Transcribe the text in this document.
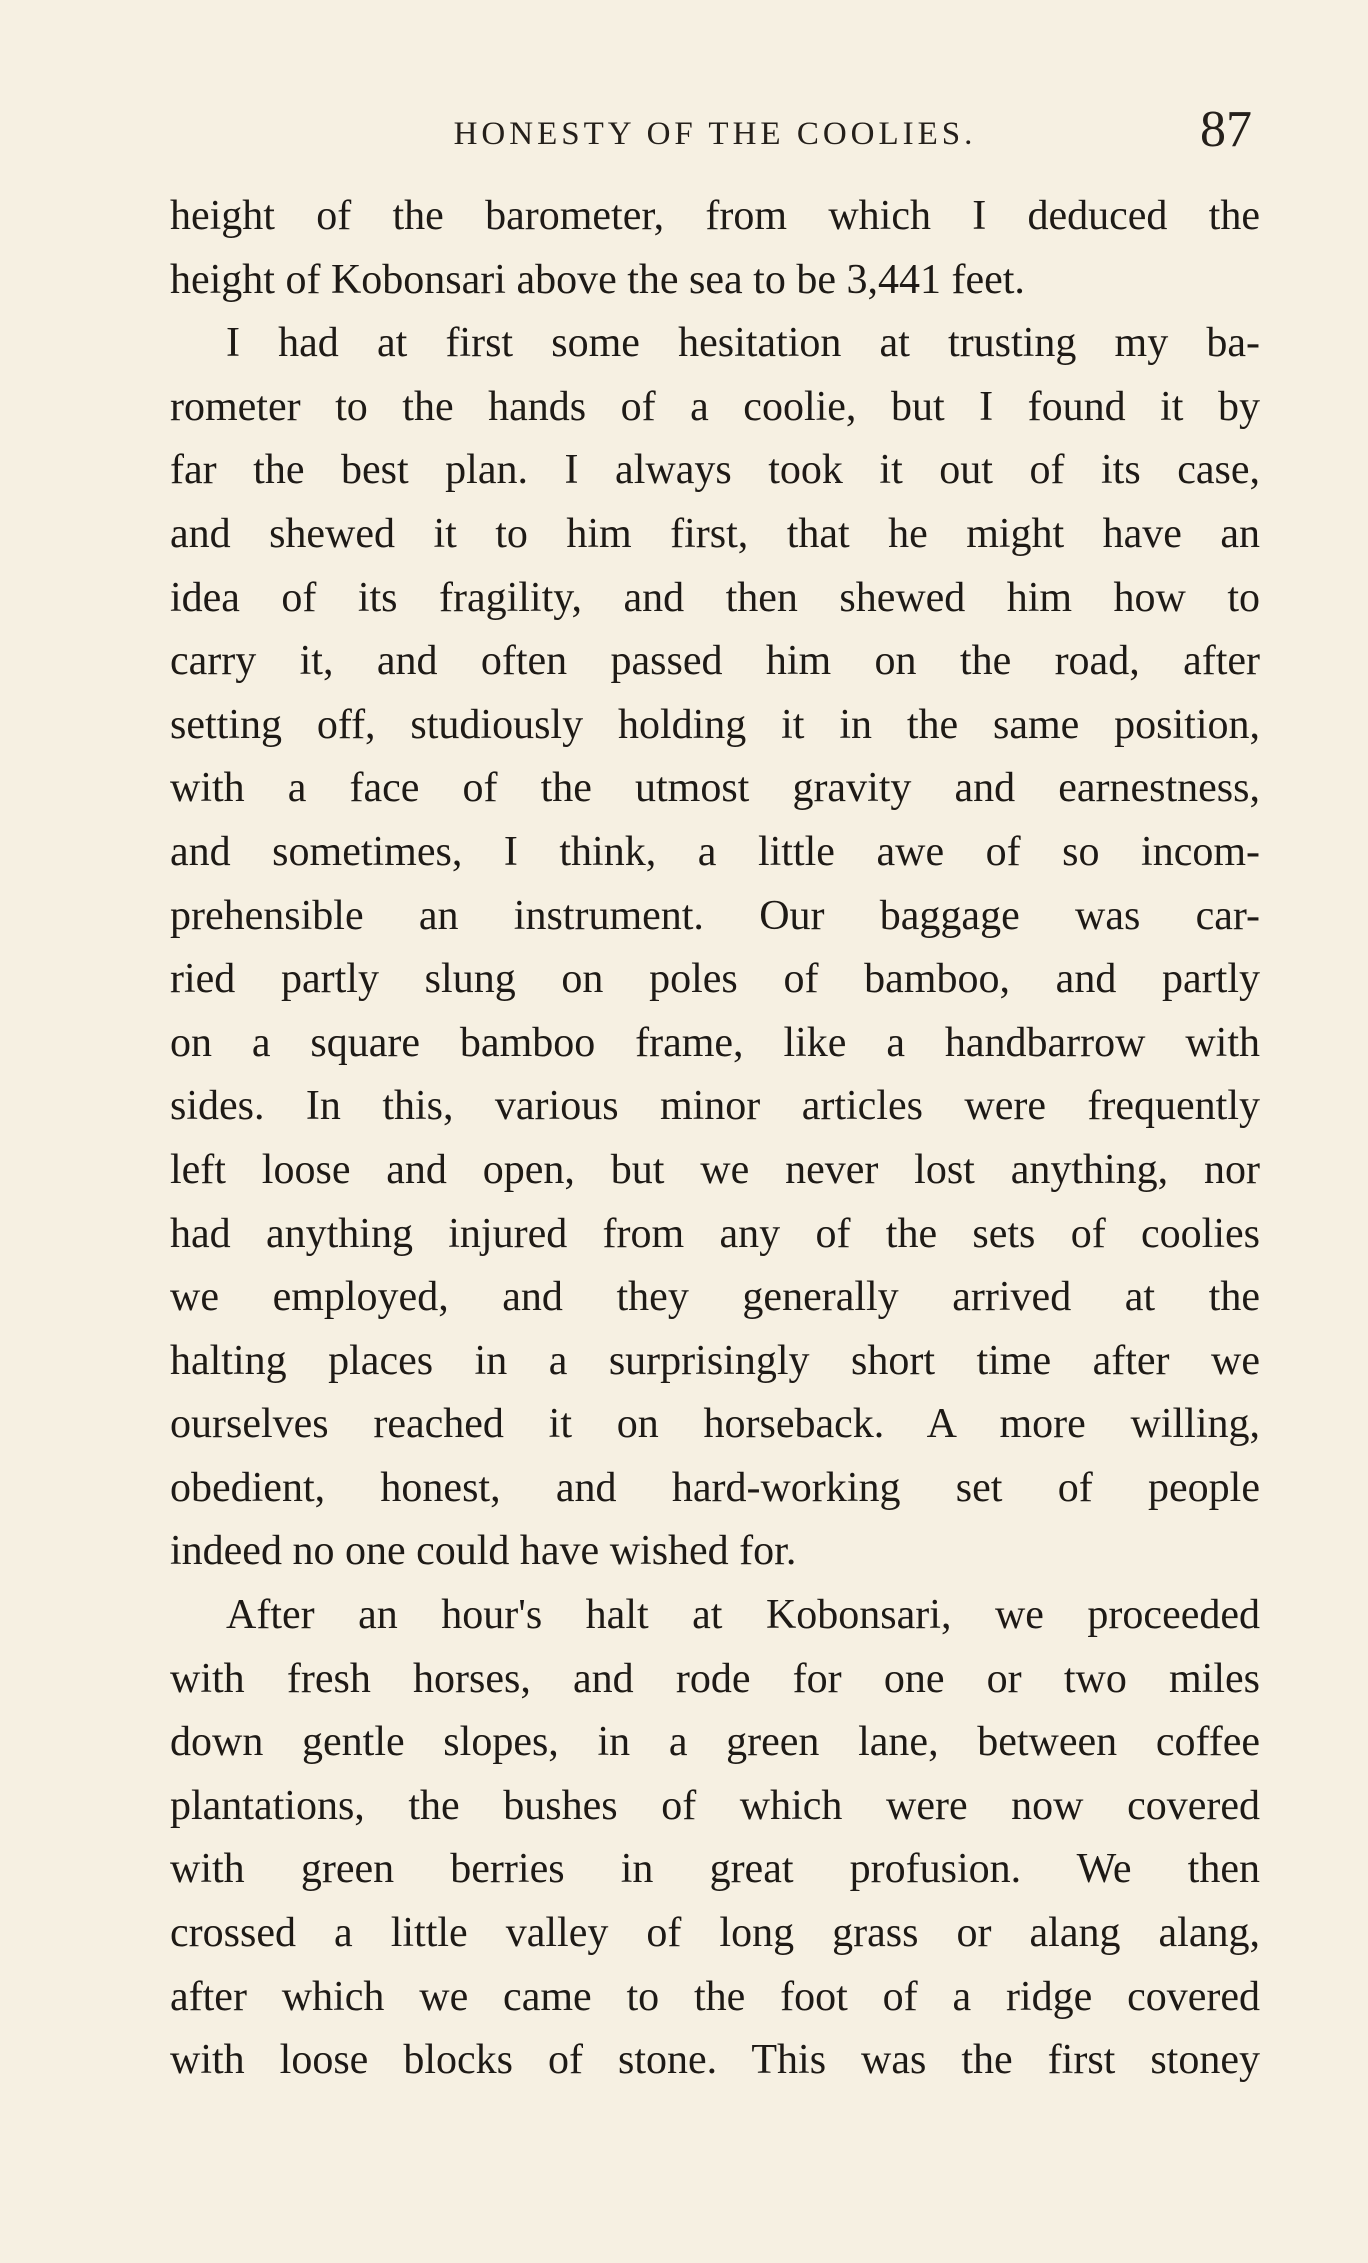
HONESTY OF THE COOLIES.	87
height of the barometer, from which I deduced the
height of Kobonsari above the sea to be 3,441 feet.
I had at first some hesitation at trusting my ba-
rometer to the hands of a coolie, but I found it by
far the best plan. I always took it out of its case,
and shewed it to him first, that he might have an
idea of its fragility, and then shewed him how to
carry it, and often passed him on the road, after
setting off, studiously holding it in the same position,
with a face of the utmost gravity and earnestness,
and sometimes, I think, a little awe of so incom-
prehensible an instrument. Our baggage was car-
ried partly slung on poles of bamboo, and partly
on a square bamboo frame, like a handbarrow with
sides. In this, various minor articles were frequently
left loose and open, but we never lost anything, nor
had anything injured from any of the sets of coolies
we employed, and they generally arrived at the
halting places in a surprisingly short time after we
ourselves reached it on horseback. A more willing,
obedient, honest, and hard-working set of people
indeed no one could have wished for.
After an hour's halt at Kobonsari, we proceeded
with fresh horses, and rode for one or two miles
down gentle slopes, in a green lane, between coffee
plantations, the bushes of which were now covered
with green berries in great profusion. We then
crossed a little valley of long grass or alang alang,
after which we came to the foot of a ridge covered
with loose blocks of stone. This was the first stoney
